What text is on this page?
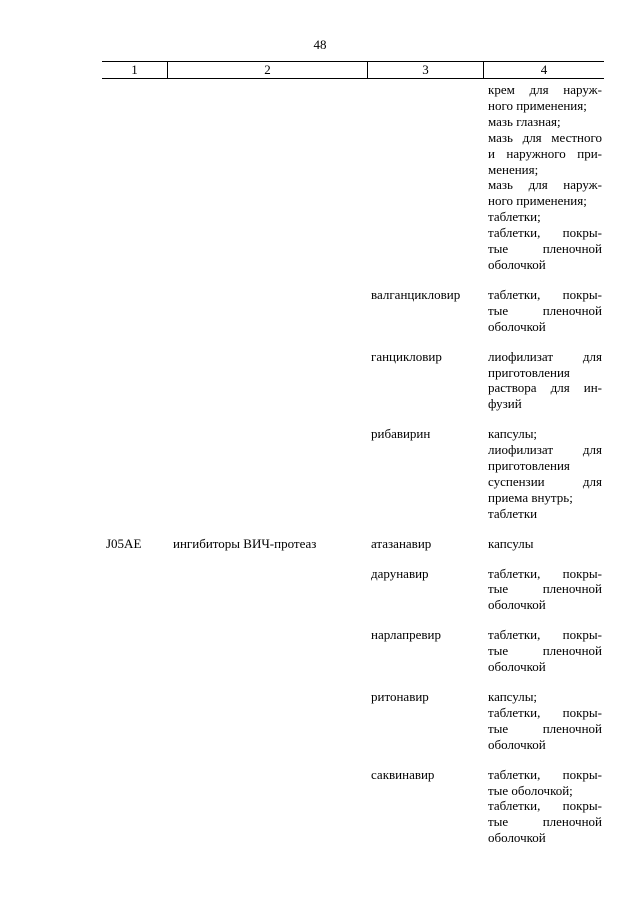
48
1	2	3	4
крем для наруж-
ного применения;
мазь глазная;
мазь для местного
и наружного при-
менения;
мазь для наруж-
ного применения;
таблетки;
таблетки, покры-
тые пленочной
оболочкой
валганцикловир	таблетки, покры-
тые пленочной
оболочкой
ганцикловир	лиофилизат для
приготовления
раствора для ин-
фузий
рибавирин	капсулы;
лиофилизат для
приготовления
суспензии для
приема внутрь;
таблетки
J05AE	ингибиторы ВИЧ-протеаз	атазанавир	капсулы
дарунавир	таблетки, покры-
тые пленочной
оболочкой
нарлапревир	таблетки, покры-
тые пленочной
оболочкой
ритонавир	капсулы;
таблетки, покры-
тые пленочной
оболочкой
саквинавир	таблетки, покры-
тые оболочкой;
таблетки, покры-
тые пленочной
оболочкой
